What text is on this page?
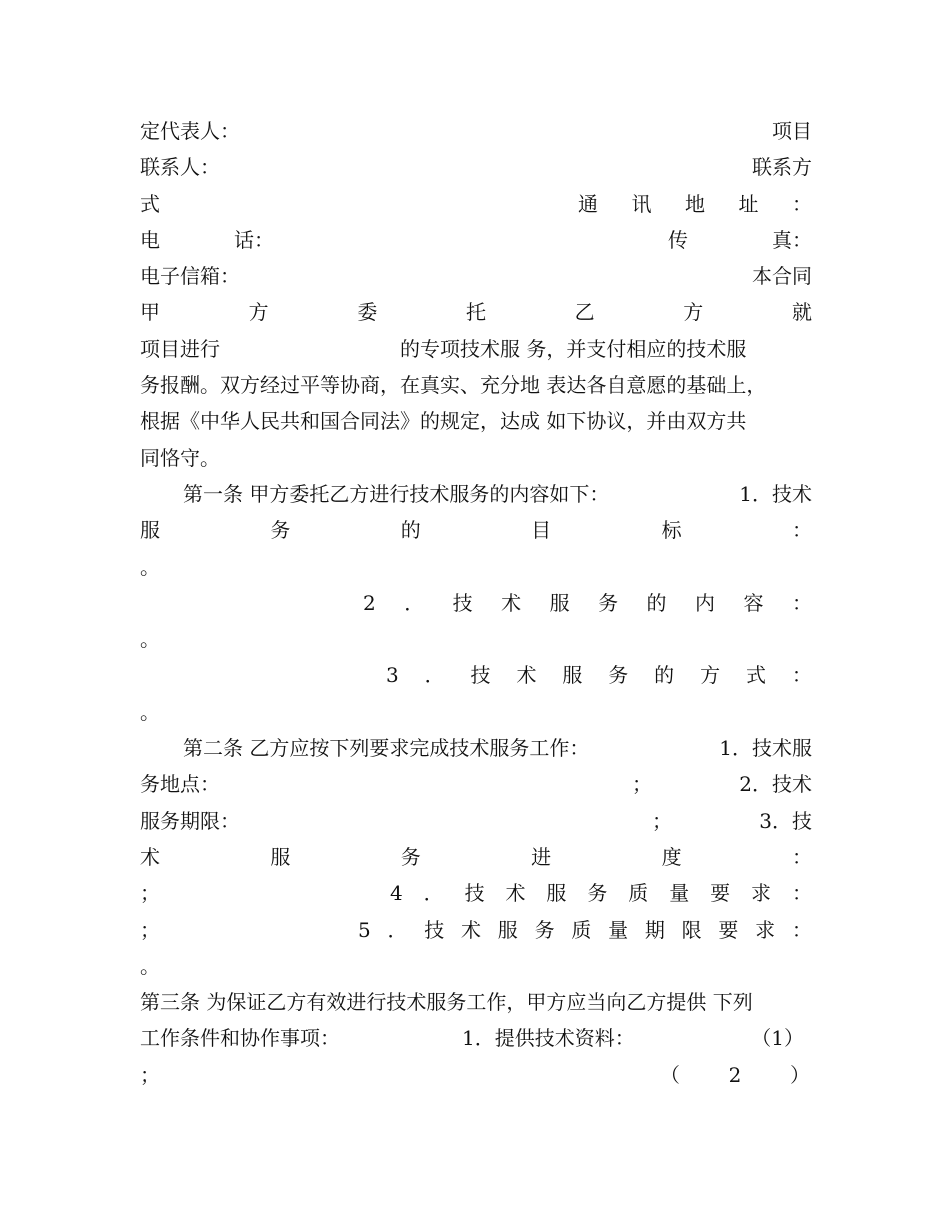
定代表人：	项目
联系人：	联系方
式	通 讯 地 址 ：
电	话：	传	真：
电子信箱：	本合同
甲	方	委	托	乙	方	就
项目进行　　　　　　　　　的专项技术服 务，并支付相应的技术服
务报酬。双方经过平等协商，在真实、充分地 表达各自意愿的基础上，
根据《中华人民共和国合同法》的规定，达成 如下协议，并由双方共
同恪守。
第一条 甲方委托乙方进行技术服务的内容如下：	1．技术
服	务	的	目	标	：
。
2 ． 技 术 服 务 的 内 容 ：
。
3 ． 技 术 服 务 的 方 式 ：
。
第二条 乙方应按下列要求完成技术服务工作：	1．技术服
务地点：	；	2．技术
服务期限：	；	3．技
术	服	务	进	度	：
；	4 ． 技 术 服 务 质 量 要 求 ：
；	5 ． 技 术 服 务 质 量 期 限 要 求 ：
。
第三条 为保证乙方有效进行技术服务工作，甲方应当向乙方提供 下列
工作条件和协作事项：	1．提供技术资料：	（1）
；	（ 2 ）
